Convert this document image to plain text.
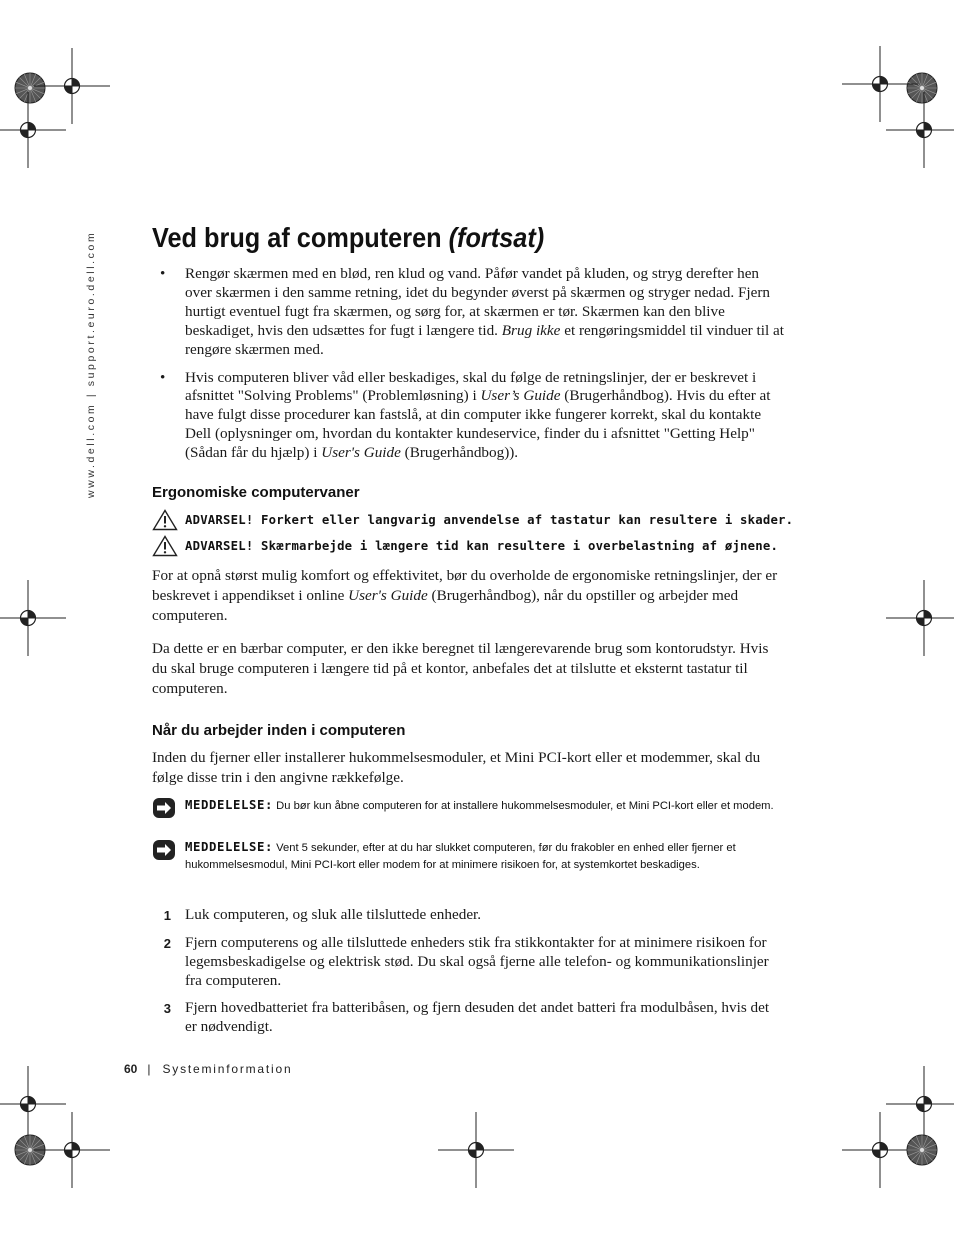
www.dell.com | support.euro.dell.com Ved brug af computeren (fortsat)
•	Rengør skærmen med en blød, ren klud og vand. Påfør vandet på kluden, og stryg derefter hen over skærmen i den samme retning, idet du begynder øverst på skærmen og stryger nedad. Fjern hurtigt eventuel fugt fra skærmen, og sørg for, at skærmen er tør. Skærmen kan den blive beskadiget, hvis den udsættes for fugt i længere tid. Brug ikke et rengøringsmiddel til vinduer til at rengøre skærmen med.
•	Hvis computeren bliver våd eller beskadiges, skal du følge de retningslinjer, der er beskrevet i afsnittet "Solving Problems" (Problemløsning) i User’s Guide (Brugerhåndbog). Hvis du efter at have fulgt disse procedurer kan fastslå, at din computer ikke fungerer korrekt, skal du kontakte Dell (oplysninger om, hvordan du kontakter kundeservice, finder du i afsnittet "Getting Help" (Sådan får du hjælp) i User's Guide (Brugerhåndbog)).
Ergonomiske computervaner
ADVARSEL! Forkert eller langvarig anvendelse af tastatur kan resultere i skader.
ADVARSEL! Skærmarbejde i længere tid kan resultere i overbelastning af øjnene.
For at opnå størst mulig komfort og effektivitet, bør du overholde de ergonomiske retningslinjer, der er beskrevet i appendikset i online User's Guide (Brugerhåndbog), når du opstiller og arbejder med computeren.
Da dette er en bærbar computer, er den ikke beregnet til længerevarende brug som kontorudstyr. Hvis du skal bruge computeren i længere tid på et kontor, anbefales det at tilslutte et eksternt tastatur til computeren.
Når du arbejder inden i computeren
Inden du fjerner eller installerer hukommelsesmoduler, et Mini PCI-kort eller et modemmer, skal du følge disse trin i den angivne rækkefølge.
MEDDELELSE: Du bør kun åbne computeren for at installere hukommelsesmoduler, et Mini PCI-kort eller et modem.
MEDDELELSE: Vent 5 sekunder, efter at du har slukket computeren, før du frakobler en enhed eller fjerner et hukommelsesmodul, Mini PCI-kort eller modem for at minimere risikoen for, at systemkortet beskadiges.
1 Luk computeren, og sluk alle tilsluttede enheder.
2 Fjern computerens og alle tilsluttede enheders stik fra stikkontakter for at minimere risikoen for legemsbeskadigelse og elektrisk stød. Du skal også fjerne alle telefon- og kommunikationslinjer fra computeren.
3 Fjern hovedbatteriet fra batteribåsen, og fjern desuden det andet batteri fra modulbåsen, hvis det er nødvendigt.
60 | Systeminformation
